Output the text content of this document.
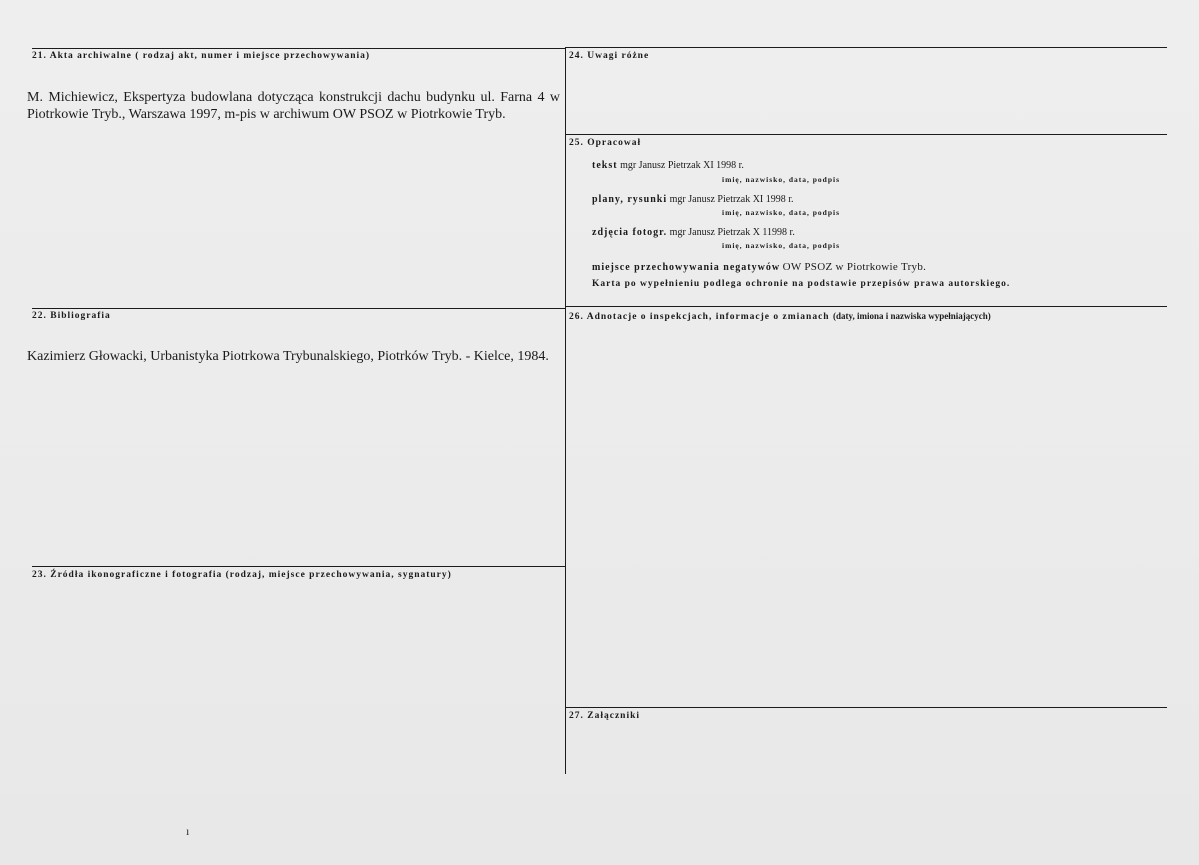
21. Akta archiwalne ( rodzaj akt, numer i miejsce przechowywania)
M. Michiewicz, Ekspertyza budowlana dotycząca konstrukcji dachu budynku ul. Farna 4 w Piotrkowie Tryb., Warszawa 1997, m-pis w archiwum OW PSOZ w Piotrkowie Tryb.
22. Bibliografia
Kazimierz Głowacki, Urbanistyka Piotrkowa Trybunalskiego, Piotrków Tryb. - Kielce, 1984.
23. Źródła ikonograficzne i fotografia (rodzaj, miejsce przechowywania, sygnatury)
24. Uwagi różne
25. Opracował
tekst mgr Janusz Pietrzak XI 1998 r.
imię, nazwisko, data, podpis
plany, rysunki mgr Janusz Pietrzak XI 1998 r.
imię, nazwisko, data, podpis
zdjęcia fotogr. mgr Janusz Pietrzak X 11998 r.
imię, nazwisko, data, podpis
miejsce przechowywania negatywów OW PSOZ w Piotrkowie Tryb.
Karta po wypełnieniu podlega ochronie na podstawie przepisów prawa autorskiego.
26. Adnotacje o inspekcjach, informacje o zmianach (daty, imiona i nazwiska wypełniających)
27. Załączniki
ı
